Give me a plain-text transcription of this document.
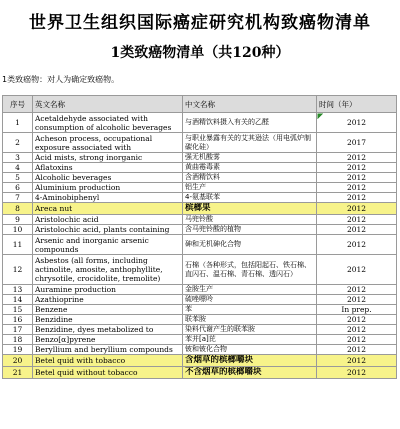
世界卫生组织国际癌症研究机构致癌物清单
1类致癌物清单（共120种）
1类致癌物：对人为确定致癌物。
序号	英文名称	中文名称	时间（年）
1	Acetaldehyde associated with consumption of alcoholic beverages	与酒精饮料摄入有关的乙醛	2012
2	Acheson process, occupational exposure associated with	与职业暴露有关的艾其逊法（用电弧炉制碳化硅）	2017
3	Acid mists, strong inorganic	强无机酸雾	2012
4	Aflatoxins	黄曲霉毒素	2012
5	Alcoholic beverages	含酒精饮料	2012
6	Aluminium production	铝生产	2012
7	4-Aminobiphenyl	4-氨基联苯	2012
8	Areca nut	槟榔果	2012
9	Aristolochic acid	马兜铃酸	2012
10	Aristolochic acid, plants containing	含马兜铃酸的植物	2012
11	Arsenic and inorganic arsenic compounds	砷和无机砷化合物	2012
12	Asbestos (all forms, including actinolite, amosite, anthophyllite, chrysotile, crocidolite, tremolite)	石棉（各种形式，包括阳起石、铁石棉、直闪石、温石棉、青石棉、透闪石）	2012
13	Auramine production	金胺生产	2012
14	Azathioprine	硫唑嘌呤	2012
15	Benzene	苯	In prep.
16	Benzidine	联苯胺	2012
17	Benzidine, dyes metabolized to	染料代谢产生的联苯胺	2012
18	Benzo[α]pyrene	苯并[a]芘	2012
19	Beryllium and beryllium compounds	铍和铍化合物	2012
20	Betel quid with tobacco	含烟草的槟榔嚼块	2012
21	Betel quid without tobacco	不含烟草的槟榔嚼块	2012
